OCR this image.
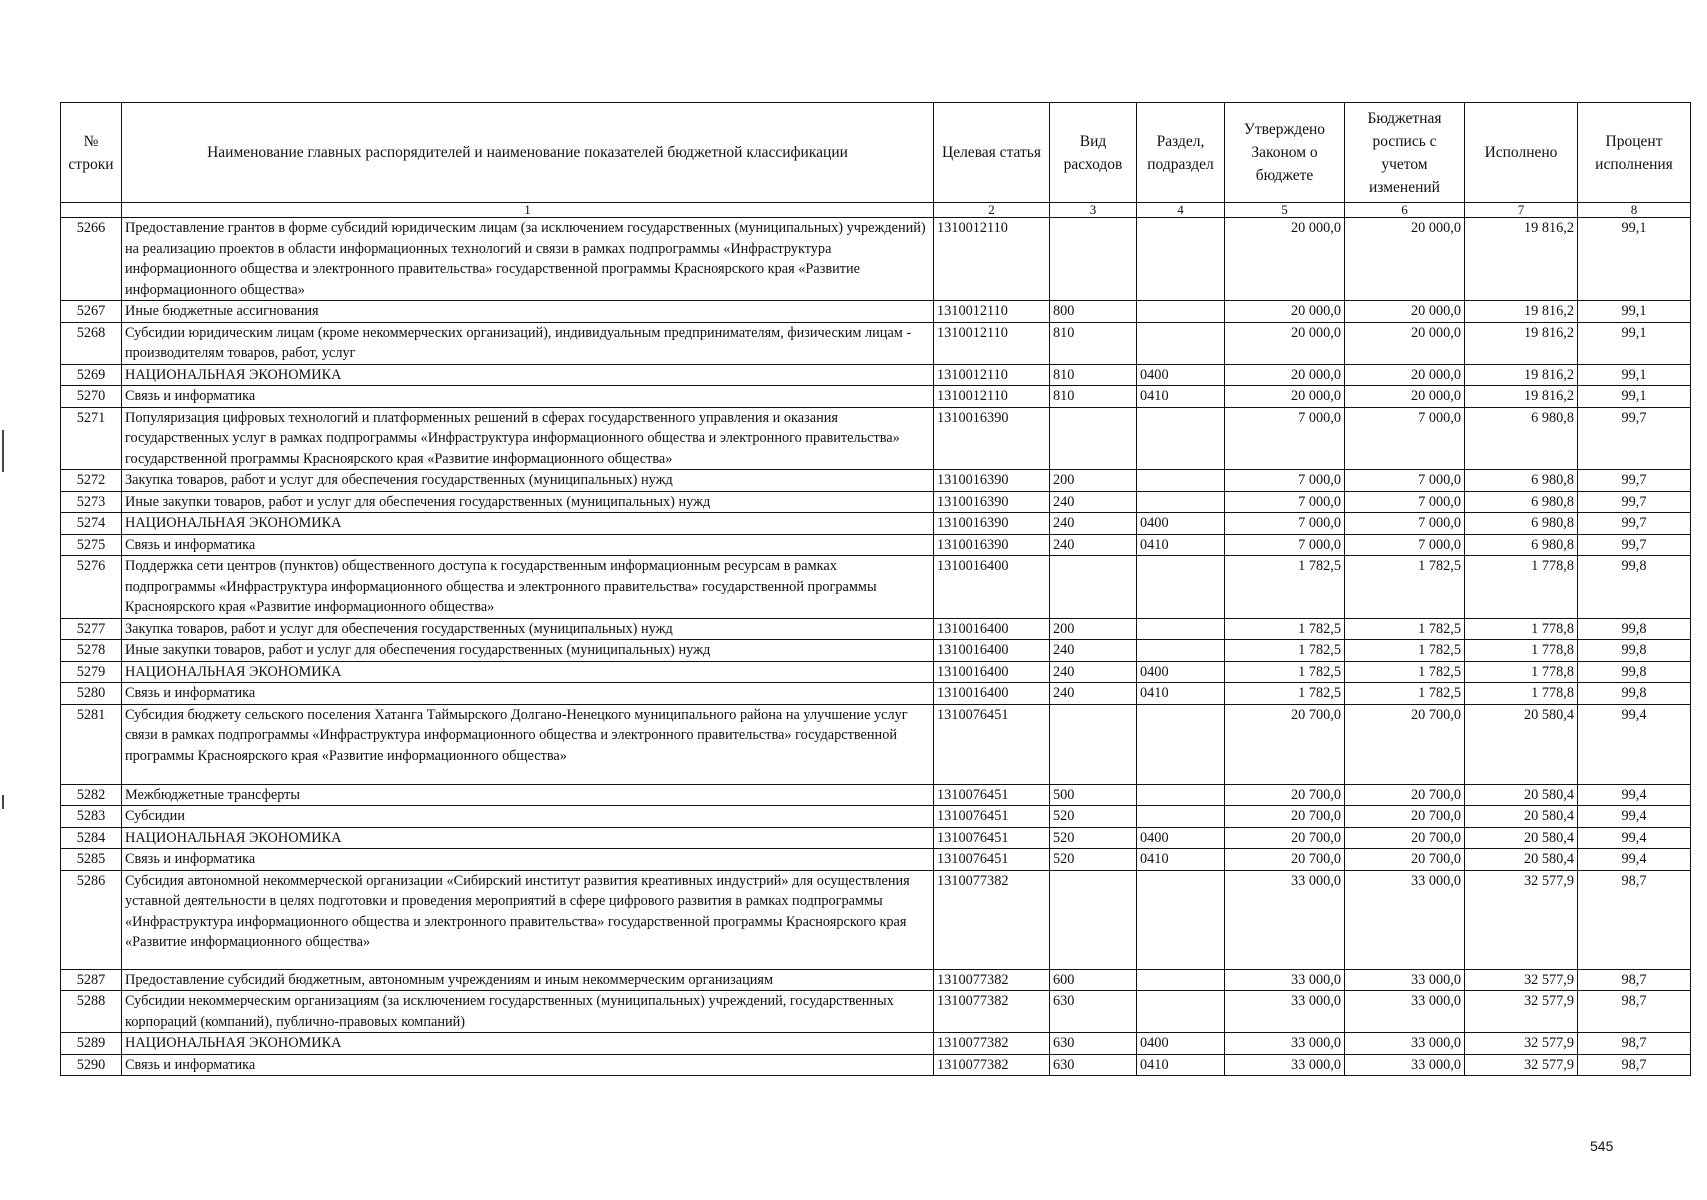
№ строки	Наименование главных распорядителей и наименование показателей бюджетной классификации	Целевая статья	Вид расходов	Раздел, подраздел	Утверждено Законом о бюджете	Бюджетная роспись с учетом изменений	Исполнено	Процент исполнения
	1	2	3	4	5	6	7	8
5266	Предоставление грантов в форме субсидий юридическим лицам (за исключением государственных (муниципальных) учреждений) на реализацию проектов в области информационных технологий и связи в рамках подпрограммы «Инфраструктура информационного общества и электронного правительства» государственной программы Красноярского края «Развитие информационного общества»	1310012110			20 000,0	20 000,0	19 816,2	99,1
5267	Иные бюджетные ассигнования	1310012110	800		20 000,0	20 000,0	19 816,2	99,1
5268	Субсидии юридическим лицам (кроме некоммерческих организаций), индивидуальным предпринимателям, физическим лицам - производителям товаров, работ, услуг	1310012110	810		20 000,0	20 000,0	19 816,2	99,1
5269	НАЦИОНАЛЬНАЯ ЭКОНОМИКА	1310012110	810	0400	20 000,0	20 000,0	19 816,2	99,1
5270	Связь и информатика	1310012110	810	0410	20 000,0	20 000,0	19 816,2	99,1
5271	Популяризация цифровых технологий и платформенных решений в сферах государственного управления и оказания государственных услуг в рамках подпрограммы «Инфраструктура информационного общества и электронного правительства» государственной программы Красноярского края «Развитие информационного общества»	1310016390			7 000,0	7 000,0	6 980,8	99,7
5272	Закупка товаров, работ и услуг для обеспечения государственных (муниципальных) нужд	1310016390	200		7 000,0	7 000,0	6 980,8	99,7
5273	Иные закупки товаров, работ и услуг для обеспечения государственных (муниципальных) нужд	1310016390	240		7 000,0	7 000,0	6 980,8	99,7
5274	НАЦИОНАЛЬНАЯ ЭКОНОМИКА	1310016390	240	0400	7 000,0	7 000,0	6 980,8	99,7
5275	Связь и информатика	1310016390	240	0410	7 000,0	7 000,0	6 980,8	99,7
5276	Поддержка сети центров (пунктов) общественного доступа к государственным информационным ресурсам в рамках подпрограммы «Инфраструктура информационного общества и электронного правительства» государственной программы Красноярского края «Развитие информационного общества»	1310016400			1 782,5	1 782,5	1 778,8	99,8
5277	Закупка товаров, работ и услуг для обеспечения государственных (муниципальных) нужд	1310016400	200		1 782,5	1 782,5	1 778,8	99,8
5278	Иные закупки товаров, работ и услуг для обеспечения государственных (муниципальных) нужд	1310016400	240		1 782,5	1 782,5	1 778,8	99,8
5279	НАЦИОНАЛЬНАЯ ЭКОНОМИКА	1310016400	240	0400	1 782,5	1 782,5	1 778,8	99,8
5280	Связь и информатика	1310016400	240	0410	1 782,5	1 782,5	1 778,8	99,8
5281	Субсидия бюджету сельского поселения Хатанга Таймырского Долгано-Ненецкого муниципального района на улучшение услуг связи в рамках подпрограммы «Инфраструктура информационного общества и электронного правительства» государственной программы Красноярского края «Развитие информационного общества»	1310076451			20 700,0	20 700,0	20 580,4	99,4
5282	Межбюджетные трансферты	1310076451	500		20 700,0	20 700,0	20 580,4	99,4
5283	Субсидии	1310076451	520		20 700,0	20 700,0	20 580,4	99,4
5284	НАЦИОНАЛЬНАЯ ЭКОНОМИКА	1310076451	520	0400	20 700,0	20 700,0	20 580,4	99,4
5285	Связь и информатика	1310076451	520	0410	20 700,0	20 700,0	20 580,4	99,4
5286	Субсидия автономной некоммерческой организации «Сибирский институт развития креативных индустрий» для осуществления уставной деятельности в целях подготовки и проведения мероприятий в сфере цифрового развития в рамках подпрограммы «Инфраструктура информационного общества и электронного правительства» государственной программы Красноярского края «Развитие информационного общества»	1310077382			33 000,0	33 000,0	32 577,9	98,7
5287	Предоставление субсидий бюджетным, автономным учреждениям и иным некоммерческим организациям	1310077382	600		33 000,0	33 000,0	32 577,9	98,7
5288	Субсидии некоммерческим организациям (за исключением государственных (муниципальных) учреждений, государственных корпораций (компаний), публично-правовых компаний)	1310077382	630		33 000,0	33 000,0	32 577,9	98,7
5289	НАЦИОНАЛЬНАЯ ЭКОНОМИКА	1310077382	630	0400	33 000,0	33 000,0	32 577,9	98,7
5290	Связь и информатика	1310077382	630	0410	33 000,0	33 000,0	32 577,9	98,7
545
